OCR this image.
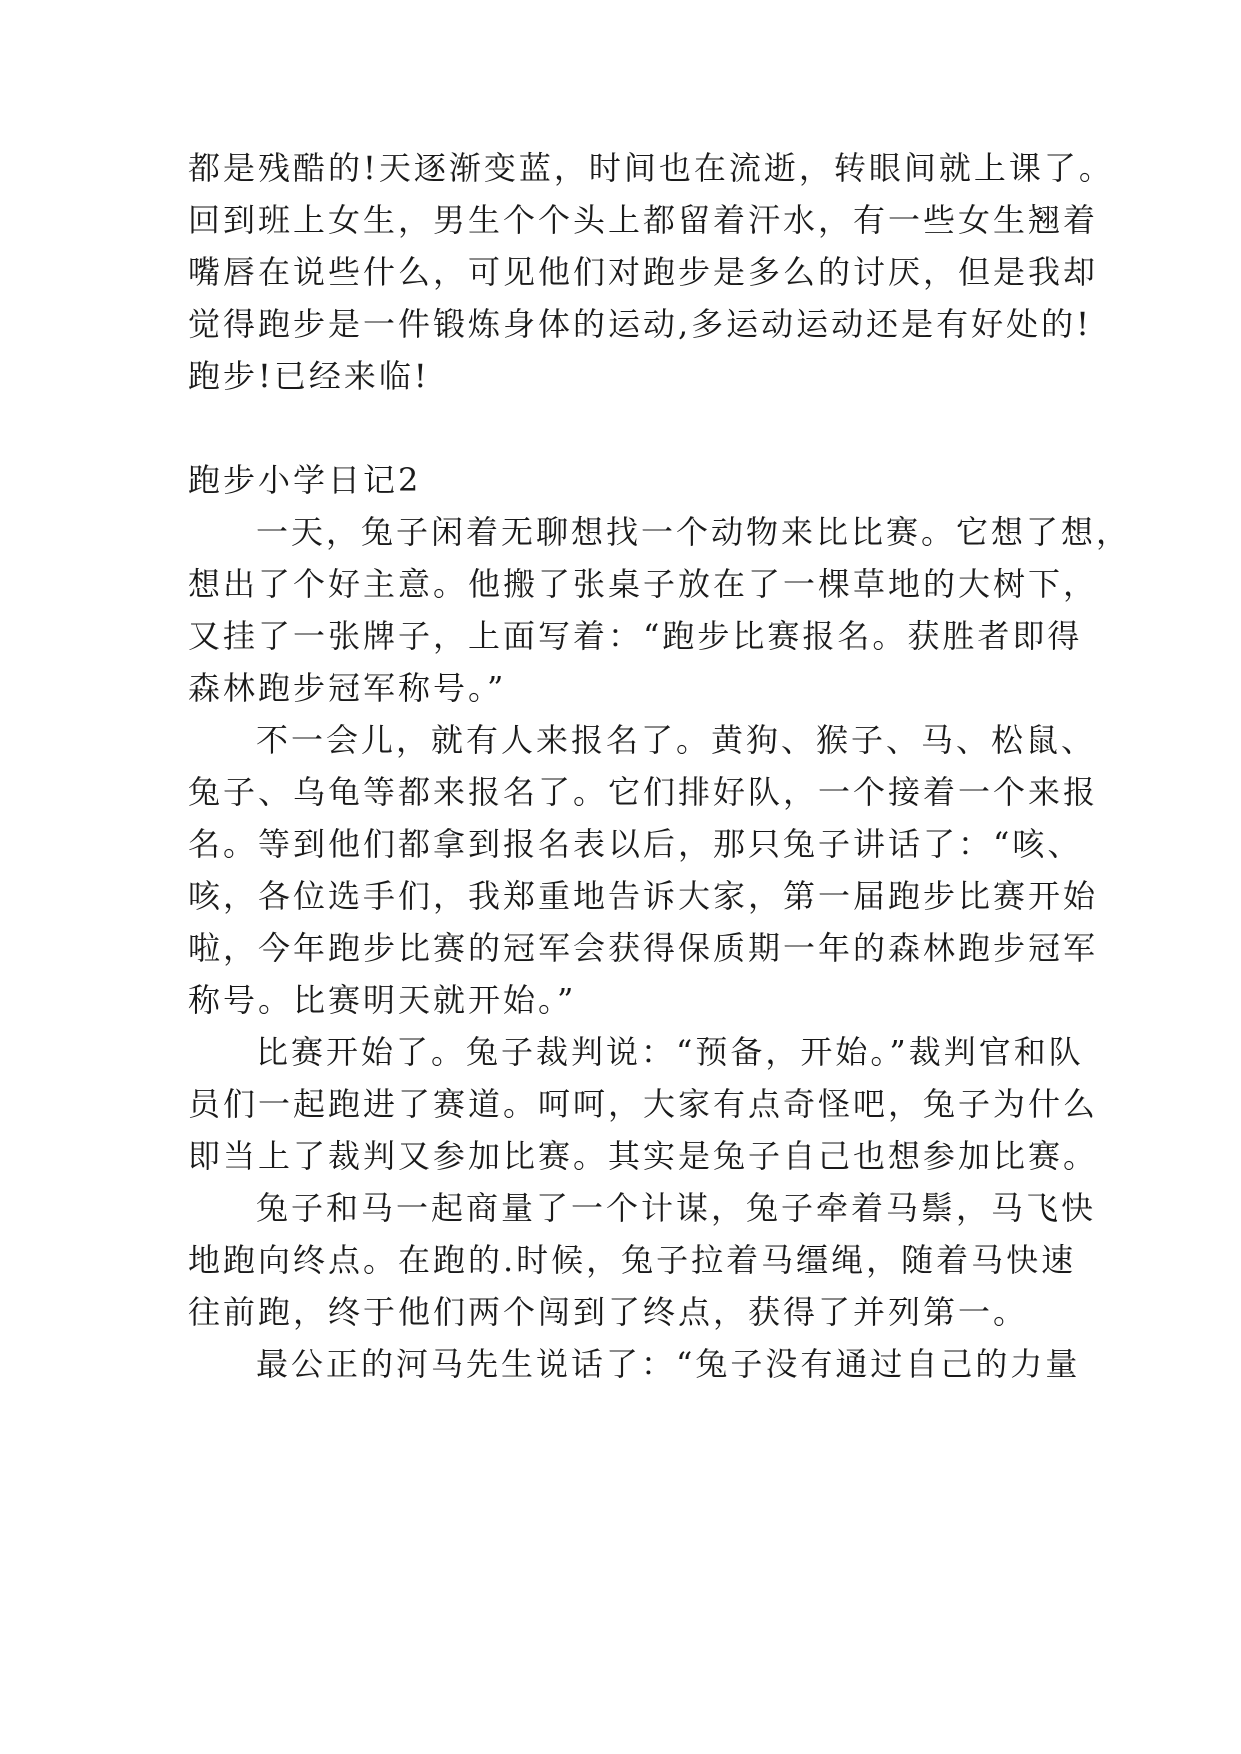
都是残酷的!天逐渐变蓝，时间也在流逝，转眼间就上课了。
回到班上女生，男生个个头上都留着汗水，有一些女生翘着
嘴唇在说些什么，可见他们对跑步是多么的讨厌，但是我却
觉得跑步是一件锻炼身体的运动,多运动运动还是有好处的!
跑步!已经来临!
跑步小学日记2
一天，兔子闲着无聊想找一个动物来比比赛。它想了想，
想出了个好主意。他搬了张桌子放在了一棵草地的大树下，
又挂了一张牌子，上面写着：“跑步比赛报名。获胜者即得
森林跑步冠军称号。”
不一会儿，就有人来报名了。黄狗、猴子、马、松鼠、
兔子、乌龟等都来报名了。它们排好队，一个接着一个来报
名。等到他们都拿到报名表以后，那只兔子讲话了：“咳、
咳，各位选手们，我郑重地告诉大家，第一届跑步比赛开始
啦，今年跑步比赛的冠军会获得保质期一年的森林跑步冠军
称号。比赛明天就开始。”
比赛开始了。兔子裁判说：“预备，开始。”裁判官和队
员们一起跑进了赛道。呵呵，大家有点奇怪吧，兔子为什么
即当上了裁判又参加比赛。其实是兔子自己也想参加比赛。
兔子和马一起商量了一个计谋，兔子牵着马鬃，马飞快
地跑向终点。在跑的.时候，兔子拉着马缰绳，随着马快速
往前跑，终于他们两个闯到了终点，获得了并列第一。
最公正的河马先生说话了：“兔子没有通过自己的力量
